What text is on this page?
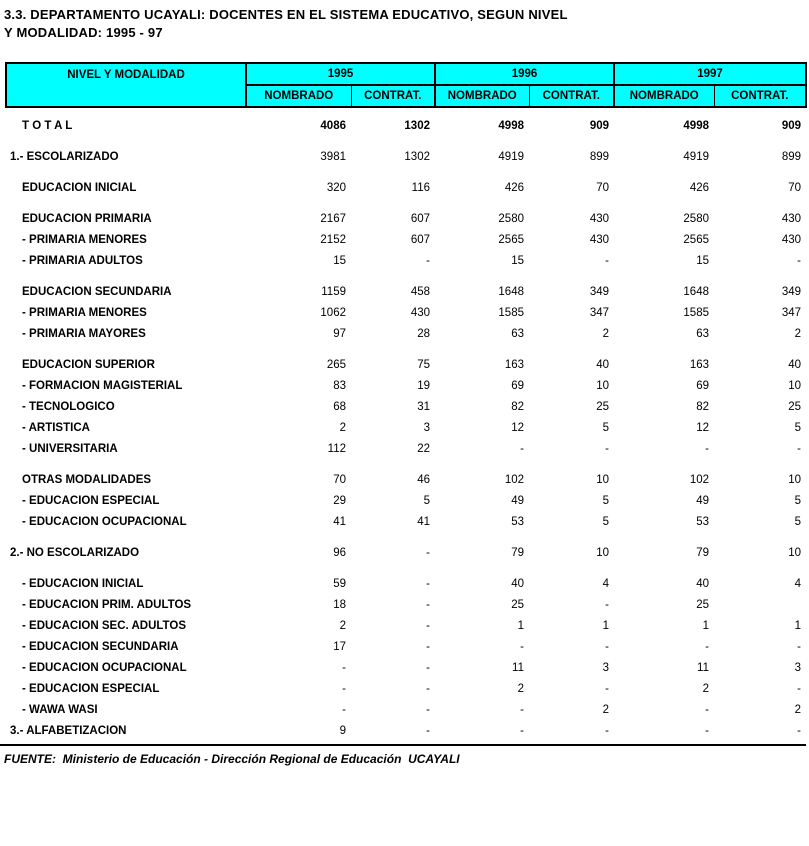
3.3. DEPARTAMENTO UCAYALI: DOCENTES EN EL SISTEMA EDUCATIVO, SEGUN NIVEL
Y MODALIDAD: 1995 - 97
NIVEL Y MODALIDAD	1995		1996		1997	
	NOMBRADO	CONTRAT.	NOMBRADO	CONTRAT.	NOMBRADO	CONTRAT.
T O T A L	4086	1302	4998	909	4998	909
1.- ESCOLARIZADO	3981	1302	4919	899	4919	899
EDUCACION INICIAL	320	116	426	70	426	70
EDUCACION PRIMARIA	2167	607	2580	430	2580	430
- PRIMARIA MENORES	2152	607	2565	430	2565	430
- PRIMARIA ADULTOS	15	-	15	-	15	-
EDUCACION SECUNDARIA	1159	458	1648	349	1648	349
- PRIMARIA MENORES	1062	430	1585	347	1585	347
- PRIMARIA MAYORES	97	28	63	2	63	2
EDUCACION SUPERIOR	265	75	163	40	163	40
- FORMACION MAGISTERIAL	83	19	69	10	69	10
- TECNOLOGICO	68	31	82	25	82	25
- ARTISTICA	2	3	12	5	12	5
- UNIVERSITARIA	112	22	-	-	-	-
OTRAS MODALIDADES	70	46	102	10	102	10
- EDUCACION ESPECIAL	29	5	49	5	49	5
- EDUCACION OCUPACIONAL	41	41	53	5	53	5
2.- NO ESCOLARIZADO	96	-	79	10	79	10
- EDUCACION INICIAL	59	-	40	4	40	4
- EDUCACION PRIM. ADULTOS	18	-	25	-	25	
- EDUCACION SEC. ADULTOS	2	-	1	1	1	1
- EDUCACION SECUNDARIA	17	-	-	-	-	-
- EDUCACION OCUPACIONAL	-	-	11	3	11	3
- EDUCACION ESPECIAL	-	-	2	-	2	-
- WAWA WASI	-	-	-	2	-	2
3.- ALFABETIZACION	9	-	-	-	-	-
FUENTE:  Ministerio de Educación - Dirección Regional de Educación  UCAYALI
